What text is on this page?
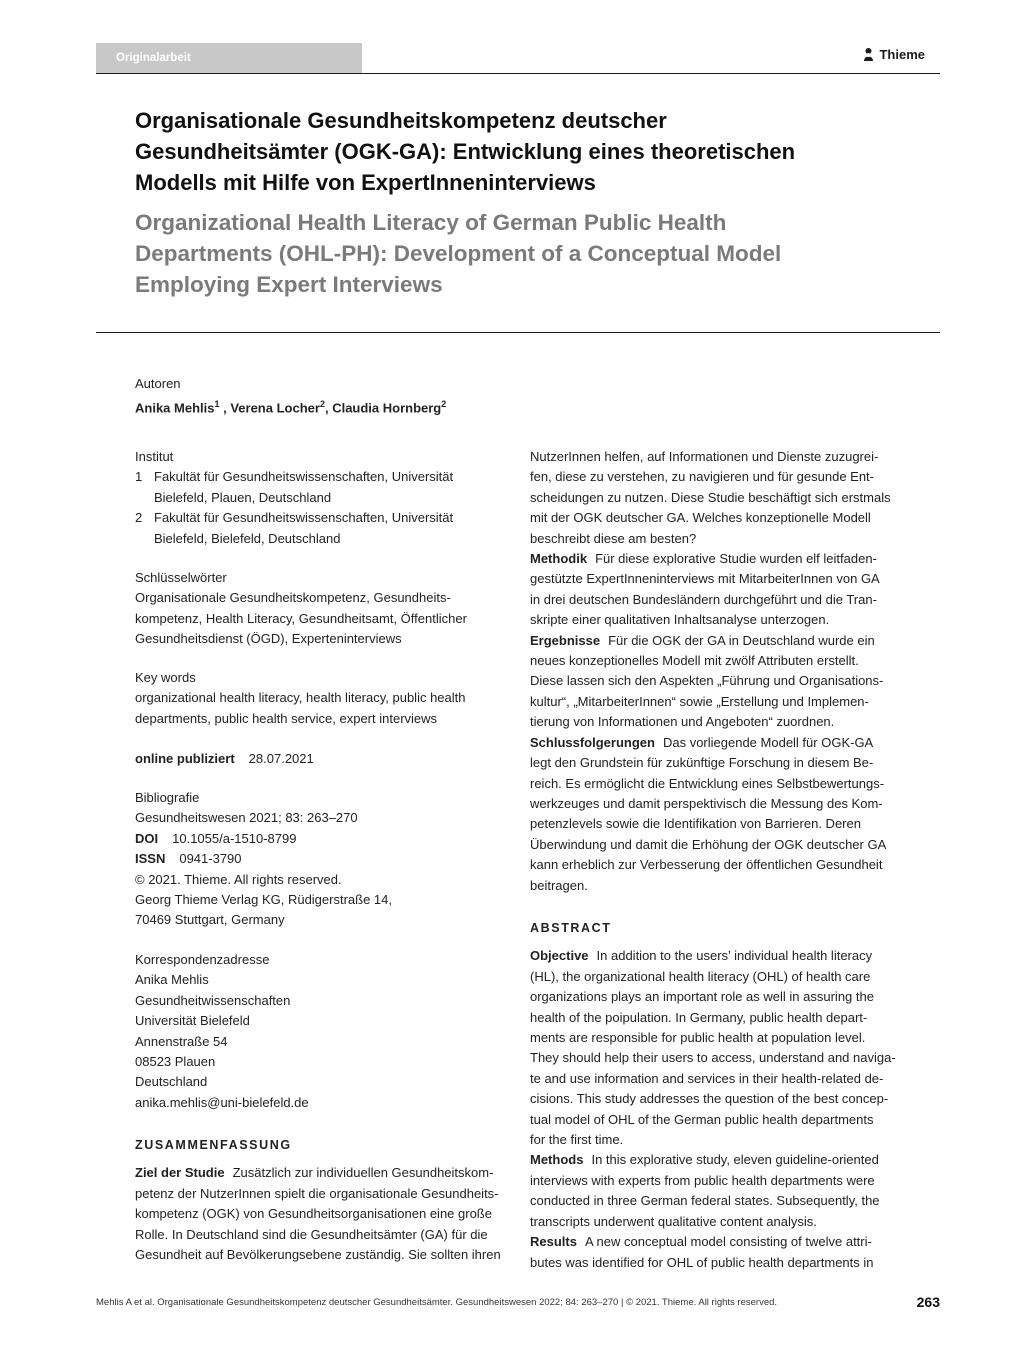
Originalarbeit	Thieme
Organisationale Gesundheitskompetenz deutscher
Gesundheitsämter (OGK-GA): Entwicklung eines theoretischen
Modells mit Hilfe von ExpertInneninterviews
Organizational Health Literacy of German Public Health
Departments (OHL-PH): Development of a Conceptual Model
Employing Expert Interviews
Autoren
Anika Mehlis$^1$ , Verena Locher$^2$, Claudia Hornberg$^2$
Institut
1 Fakultät für Gesundheitswissenschaften, Universität
Bielefeld, Plauen, Deutschland
2 Fakultät für Gesundheitswissenschaften, Universität
Bielefeld, Bielefeld, Deutschland
Schlüsselwörter
Organisationale Gesundheitskompetenz, Gesundheits-
kompetenz, Health Literacy, Gesundheitsamt, Öffentlicher
Gesundheitsdienst (ÖGD), Experteninterviews
Key words
organizational health literacy, health literacy, public health
departments, public health service, expert interviews
online publiziert 28.07.2021
Bibliografie
Gesundheitswesen 2021; 83: 263–270
DOI 10.1055/a-1510-8799
ISSN 0941-3790
© 2021. Thieme. All rights reserved.
Georg Thieme Verlag KG, Rüdigerstraße 14,
70469 Stuttgart, Germany
Korrespondenzadresse
Anika Mehlis
Gesundheitwissenschaften
Universität Bielefeld
Annenstraße 54
08523 Plauen
Deutschland
anika.mehlis@uni-bielefeld.de
ZUSAMMENFASSUNG
Ziel der Studie Zusätzlich zur individuellen Gesundheitskom-
petenz der NutzerInnen spielt die organisationale Gesundheits-
kompetenz (OGK) von Gesundheitsorganisationen eine große
Rolle. In Deutschland sind die Gesundheitsämter (GA) für die
Gesundheit auf Bevölkerungsebene zuständig. Sie sollten ihren
NutzerInnen helfen, auf Informationen und Dienste zuzugrei-
fen, diese zu verstehen, zu navigieren und für gesunde Ent-
scheidungen zu nutzen. Diese Studie beschäftigt sich erstmals
mit der OGK deutscher GA. Welches konzeptionelle Modell
beschreibt diese am besten?
Methodik Für diese explorative Studie wurden elf leitfaden-
gestützte ExpertInneninterviews mit MitarbeiterInnen von GA
in drei deutschen Bundesländern durchgeführt und die Tran-
skripte einer qualitativen Inhaltsanalyse unterzogen.
Ergebnisse Für die OGK der GA in Deutschland wurde ein
neues konzeptionelles Modell mit zwölf Attributen erstellt.
Diese lassen sich den Aspekten „Führung und Organisations-
kultur“, „MitarbeiterInnen“ sowie „Erstellung und Implemen-
tierung von Informationen und Angeboten“ zuordnen.
Schlussfolgerungen Das vorliegende Modell für OGK-GA
legt den Grundstein für zukünftige Forschung in diesem Be-
reich. Es ermöglicht die Entwicklung eines Selbstbewertungs-
werkzeuges und damit perspektivisch die Messung des Kom-
petenzlevels sowie die Identifikation von Barrieren. Deren
Überwindung und damit die Erhöhung der OGK deutscher GA
kann erheblich zur Verbesserung der öffentlichen Gesundheit
beitragen.
ABSTRACT
Objective In addition to the users’ individual health literacy
(HL), the organizational health literacy (OHL) of health care
organizations plays an important role as well in assuring the
health of the poipulation. In Germany, public health depart-
ments are responsible for public health at population level.
They should help their users to access, understand and naviga-
te and use information and services in their health-related de-
cisions. This study addresses the question of the best concep-
tual model of OHL of the German public health departments
for the first time.
Methods In this explorative study, eleven guideline-oriented
interviews with experts from public health departments were
conducted in three German federal states. Subsequently, the
transcripts underwent qualitative content analysis.
Results A new conceptual model consisting of twelve attri-
butes was identified for OHL of public health departments in
Mehlis A et al. Organisationale Gesundheitskompetenz deutscher Gesundheitsämter. Gesundheitswesen 2022; 84: 263–270 | © 2021. Thieme. All rights reserved.	263
